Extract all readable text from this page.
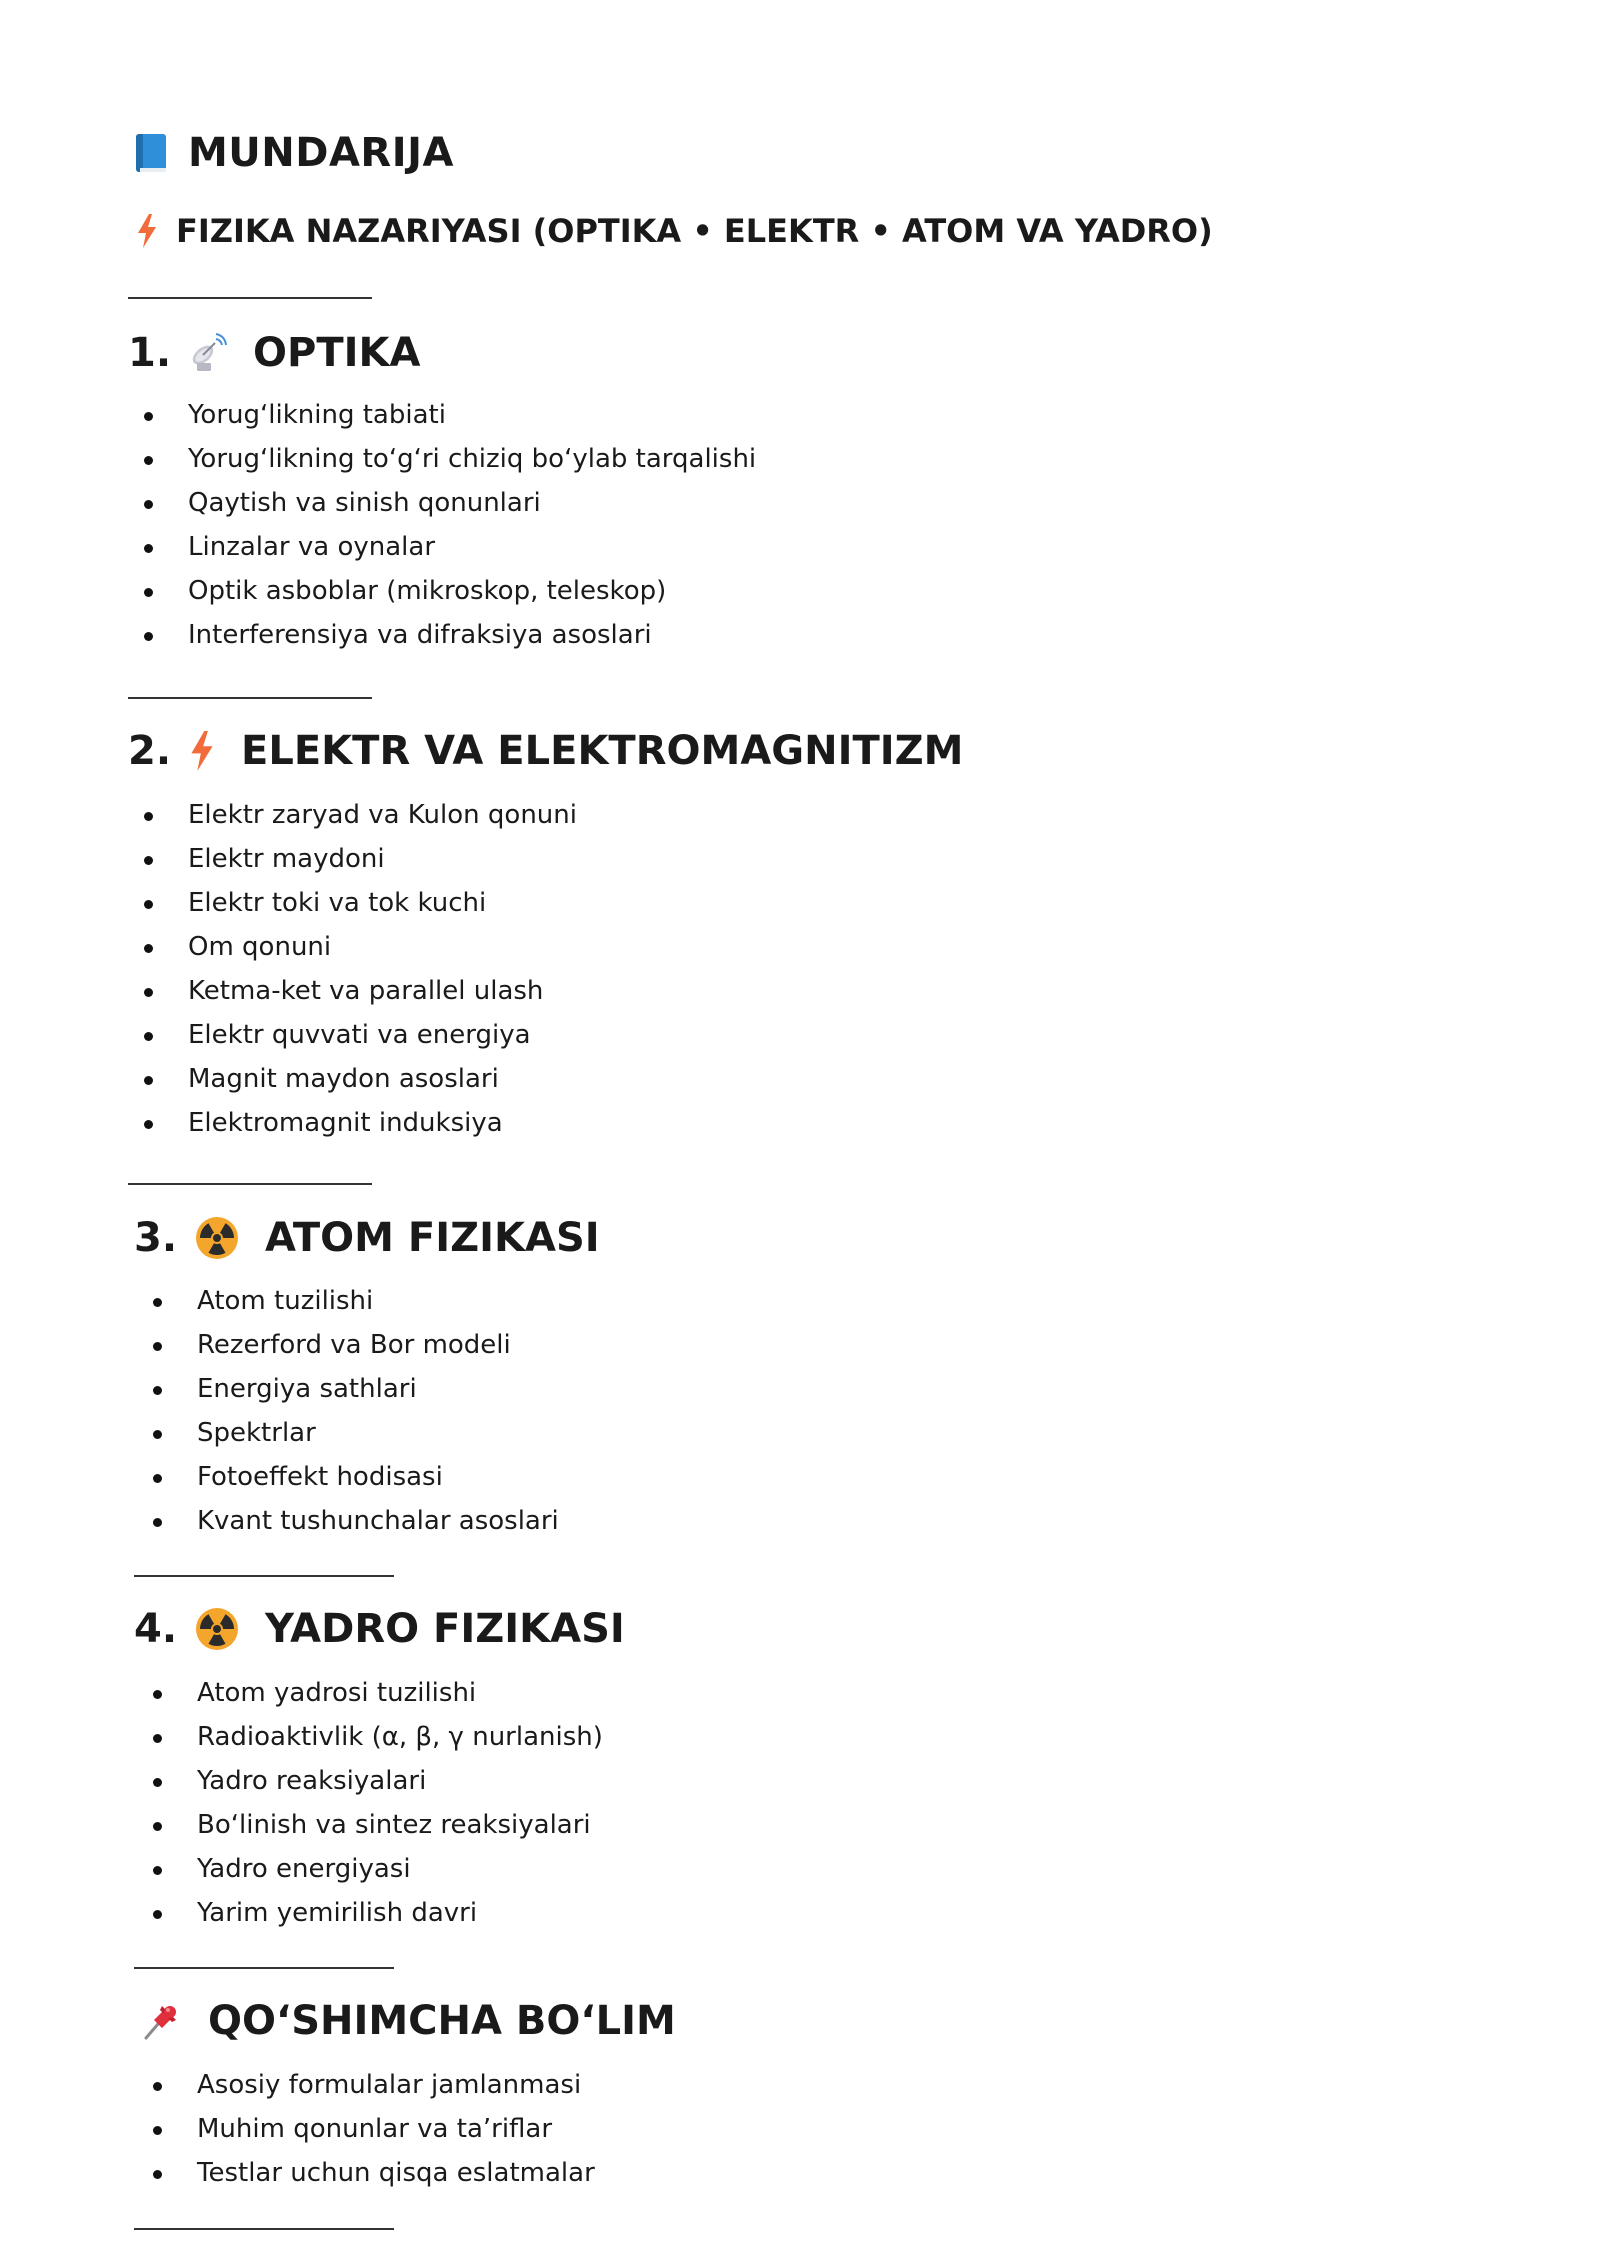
MUNDARIJA
FIZIKA NAZARIYASI (OPTIKA • ELEKTR • ATOM VA YADRO)
1. OPTIKA
Yorug‘likning tabiati
Yorug‘likning to‘g‘ri chiziq bo‘ylab tarqalishi
Qaytish va sinish qonunlari
Linzalar va oynalar
Optik asboblar (mikroskop, teleskop)
Interferensiya va difraksiya asoslari
2. ELEKTR VA ELEKTROMAGNITIZM
Elektr zaryad va Kulon qonuni
Elektr maydoni
Elektr toki va tok kuchi
Om qonuni
Ketma-ket va parallel ulash
Elektr quvvati va energiya
Magnit maydon asoslari
Elektromagnit induksiya
3. ATOM FIZIKASI
Atom tuzilishi
Rezerford va Bor modeli
Energiya sathlari
Spektrlar
Fotoeffekt hodisasi
Kvant tushunchalar asoslari
4. YADRO FIZIKASI
Atom yadrosi tuzilishi
Radioaktivlik (α, β, γ nurlanish)
Yadro reaksiyalari
Bo‘linish va sintez reaksiyalari
Yadro energiyasi
Yarim yemirilish davri
QO‘SHIMCHA BO‘LIM
Asosiy formulalar jamlanmasi
Muhim qonunlar va ta’riflar
Testlar uchun qisqa eslatmalar
